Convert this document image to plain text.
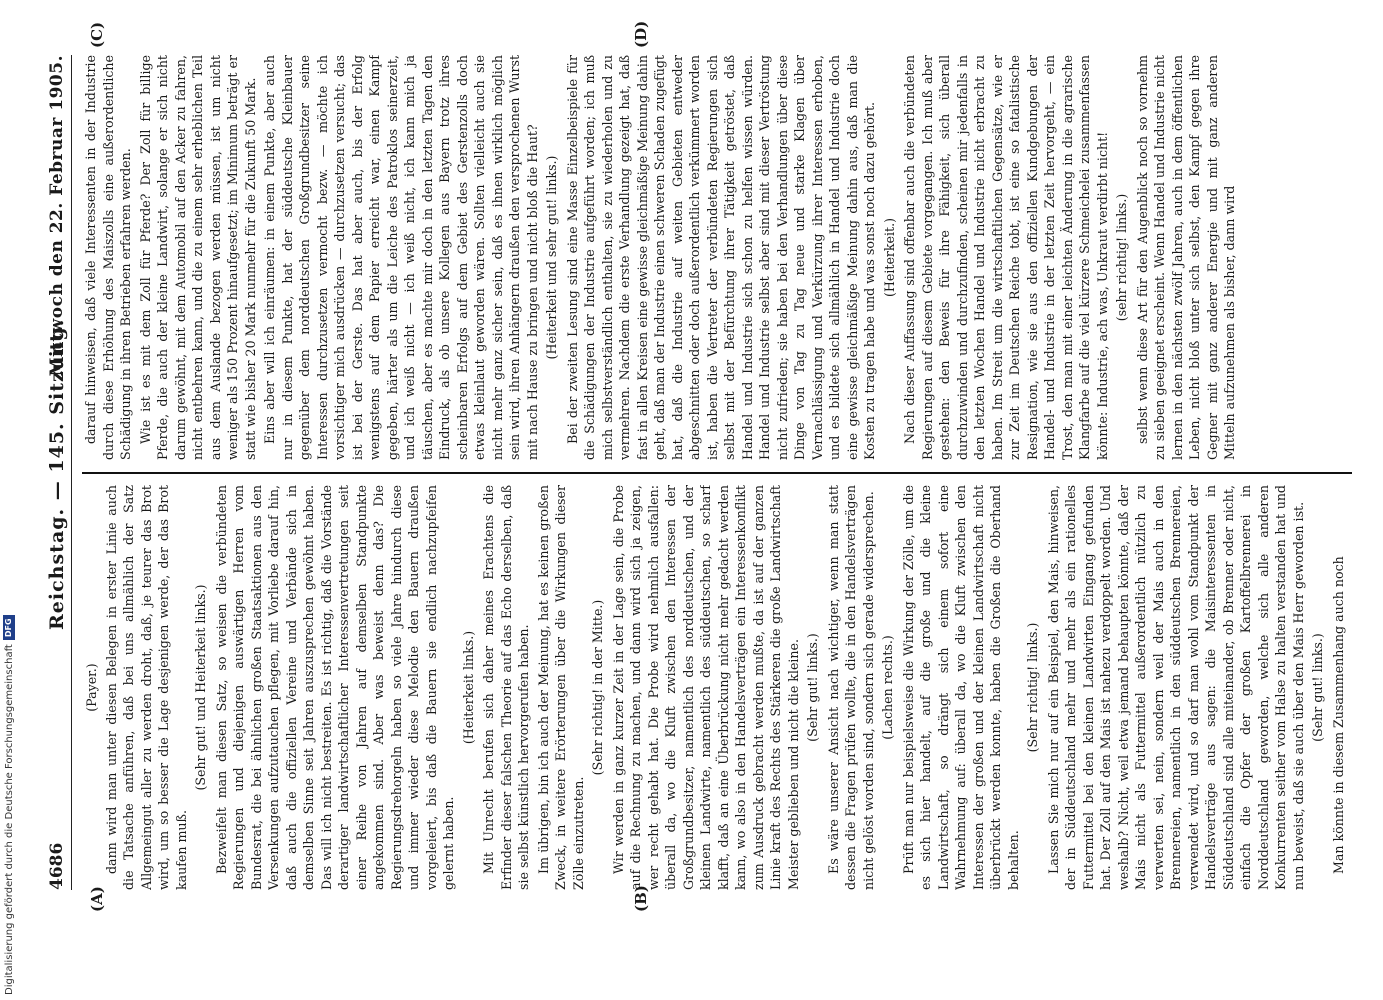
4686
Reichstag. — 145. Sitzung.
Mittwoch den 22. Februar 1905.
(A)	(B)
(C)	(D)

(Payer.) dann wird man unter diesen Belegen in erster Linie auch die Tatsache anführen, daß bei uns allmählich der Satz Allgemeingut aller zu werden droht, daß, je teurer das Brot wird, um so besser die Lage desjenigen werde, der das Brot kaufen muß.

(Sehr gut! und Heiterkeit links.) Bezweifelt man diesen Satz, so weisen die verbündeten Regierungen und diejenigen auswärtigen Herren vom Bundesrat, die bei ähnlichen großen Staatsaktionen aus den Versenkungen aufzutauchen pflegen, mit Vorliebe darauf hin, daß auch die offiziellen Vereine und Verbände sich in demselben Sinne seit Jahren auszusprechen gewöhnt haben. Das will ich nicht bestreiten. Es ist richtig, daß die Vorstände derartiger landwirtschaftlicher Interessenvertretungen seit einer Reihe von Jahren auf demselben Standpunkte angekommen sind. Aber was beweist denn das? Die Regierungsdrehorgeln haben so viele Jahre hindurch diese und immer wieder diese Melodie den Bauern draußen vorgeleiert, bis daß die Bauern sie endlich nachzupfeifen gelernt haben.

(Heiterkeit links.) Mit Unrecht berufen sich daher meines Erachtens die Erfinder dieser falschen Theorie auf das Echo derselben, daß sie selbst künstlich hervorgerufen haben. Im übrigen, bin ich auch der Meinung, hat es keinen großen Zweck, in weitere Erörterungen über die Wirkungen dieser Zölle einzutreten.

(Sehr richtig! in der Mitte.) Wir werden in ganz kurzer Zeit in der Lage sein, die Probe auf die Rechnung zu machen, und dann wird sich ja zeigen, wer recht gehabt hat. Die Probe wird nehmlich ausfallen: überall da, wo die Kluft zwischen den Interessen der Großgrundbesitzer, namentlich des norddeutschen, und der kleinen Landwirte, namentlich des süddeutschen, so scharf klafft, daß an eine Überbrückung nicht mehr gedacht werden kann, wo also in den Handelsverträgen ein Interessenkonflikt zum Ausdruck gebracht werden mußte, da ist auf der ganzen Linie kraft des Rechts des Stärkeren die große Landwirtschaft Meister geblieben und nicht die kleine. (Sehr gut! links.) Es wäre unserer Ansicht nach wichtiger, wenn man statt dessen die Fragen prüfen wollte, die in den Handelsverträgen nicht gelöst worden sind, sondern sich gerade widersprechen. (Lachen rechts.) Prüft man nur beispielsweise die Wirkung der Zölle, um die es sich hier handelt, auf die große und die kleine Landwirtschaft, so drängt sich einem sofort eine Wahrnehmung auf: überall da, wo die Kluft zwischen den Interessen der großen und der kleinen Landwirtschaft nicht überbrückt werden konnte, haben die Großen die Oberhand behalten.

(Sehr richtig! links.) Lassen Sie mich nur auf ein Beispiel, den Mais, hinweisen, der in Süddeutschland mehr und mehr als ein rationelles Futtermittel bei den kleinen Landwirten Eingang gefunden hat. Der Zoll auf den Mais ist nahezu verdoppelt worden. Und weshalb? Nicht, weil etwa jemand behaupten könnte, daß der Mais nicht als Futtermittel außerordentlich nützlich zu verwerten sei, nein, sondern weil der Mais auch in den Brennereien, namentlich in den süddeutschen Brennereien, verwendet wird, und so darf man wohl vom Standpunkt der Handelsverträge aus sagen: die Maisinteressenten in Süddeutschland sind alle miteinander, ob Brenner oder nicht, einfach die Opfer der großen Kartoffelbrennerei in Norddeutschland geworden, welche sich alle anderen Konkurrenten seither vom Halse zu halten verstanden hat und nun beweist, daß sie auch über den Mais Herr geworden ist. (Sehr gut! links.) Man könnte in diesem Zusammenhang auch noch

darauf hinweisen, daß viele Interessenten in der Industrie durch diese Erhöhung des Maiszolls eine außerordentliche Schädigung in ihren Betrieben erfahren werden. Wie ist es mit dem Zoll für Pferde? Der Zoll für billige Pferde, die auch der kleine Landwirt, solange er sich nicht darum gewöhnt, mit dem Automobil auf den Acker zu fahren, nicht entbehren kann, und die zu einem sehr erheblichen Teil aus dem Auslande bezogen werden müssen, ist um nicht weniger als 150 Prozent hinaufgesetzt; im Minimum beträgt er statt wie bisher 20 Mark nunmehr für die Zukunft 50 Mark. Eins aber will ich einräumen: in einem Punkte, aber auch nur in diesem Punkte, hat der süddeutsche Kleinbauer gegenüber dem norddeutschen Großgrundbesitzer seine Interessen durchzusetzen vermocht bezw. — möchte ich vorsichtiger mich ausdrücken — durchzusetzen versucht; das ist bei der Gerste. Das hat aber auch, bis der Erfolg wenigstens auf dem Papier erreicht war, einen Kampf gegeben, härter als um die Leiche des Patroklos seinerzeit, und ich weiß nicht — ich weiß nicht, ich kann mich ja täuschen, aber es machte mir doch in den letzten Tagen den Eindruck, als ob unsere Kollegen aus Bayern trotz ihres scheinbaren Erfolgs auf dem Gebiet des Gerstenzolls doch etwas kleinlaut geworden wären. Sollten vielleicht auch sie nicht mehr ganz sicher sein, daß es ihnen wirklich möglich sein wird, ihren Anhängern draußen den versprochenen Wurst mit nach Hause zu bringen und nicht bloß die Haut? (Heiterkeit und sehr gut! links.) Bei der zweiten Lesung sind eine Masse Einzelbeispiele für die Schädigungen der Industrie aufgeführt worden; ich muß mich selbstverständlich enthalten, sie zu wiederholen und zu vermehren. Nachdem die erste Verhandlung gezeigt hat, daß fast in allen Kreisen eine gewisse gleichmäßige Meinung dahin geht, daß man der Industrie einen schweren Schaden zugefügt hat, daß die Industrie auf weiten Gebieten entweder abgeschnitten oder doch außerordentlich verkümmert worden ist, haben die Vertreter der verbündeten Regierungen sich selbst mit der Befürchtung ihrer Tätigkeit getröstet, daß Handel und Industrie sich schon zu helfen wissen würden. Handel und Industrie selbst aber sind mit dieser Vertröstung nicht zufrieden; sie haben bei den Verhandlungen über diese Dinge von Tag zu Tag neue und starke Klagen über Vernachlässigung und Verkürzung ihrer Interessen erhoben, und es bildete sich allmählich in Handel und Industrie doch eine gewisse gleichmäßige Meinung dahin aus, daß man die Kosten zu tragen habe und was sonst noch dazu gehört. (Heiterkeit.) Nach dieser Auffassung sind offenbar auch die verbündeten Regierungen auf diesem Gebiete vorgegangen. Ich muß aber gestehen: den Beweis für ihre Fähigkeit, sich überall durchzuwinden und durchzufinden, scheinen mir jedenfalls in den letzten Wochen Handel und Industrie nicht erbracht zu haben. Im Streit um die wirtschaftlichen Gegensätze, wie er zur Zeit im Deutschen Reiche tobt, ist eine so fatalistische Resignation, wie sie aus den offiziellen Kundgebungen der Handel- und Industrie in der letzten Zeit hervorgeht, — ein Trost, den man mit einer leichten Änderung in die agrarische Klangfarbe auf die viel kürzere Schmeichelei zusammenfassen könnte: Industrie, ach was, Unkraut verdirbt nicht! (sehr richtig! links.) selbst wenn diese Art für den Augenblick noch so vornehm zu sieben geeignet erscheint. Wenn Handel und Industrie nicht lernen in den nächsten zwölf Jahren, auch in dem öffentlichen Leben, nicht bloß unter sich selbst, den Kampf gegen ihre Gegner mit ganz anderer Energie und mit ganz anderen Mitteln aufzunehmen als bisher, dann wird

Digitalisierung gefördert durch die Deutsche ForschungsgemeinschaftDFG
